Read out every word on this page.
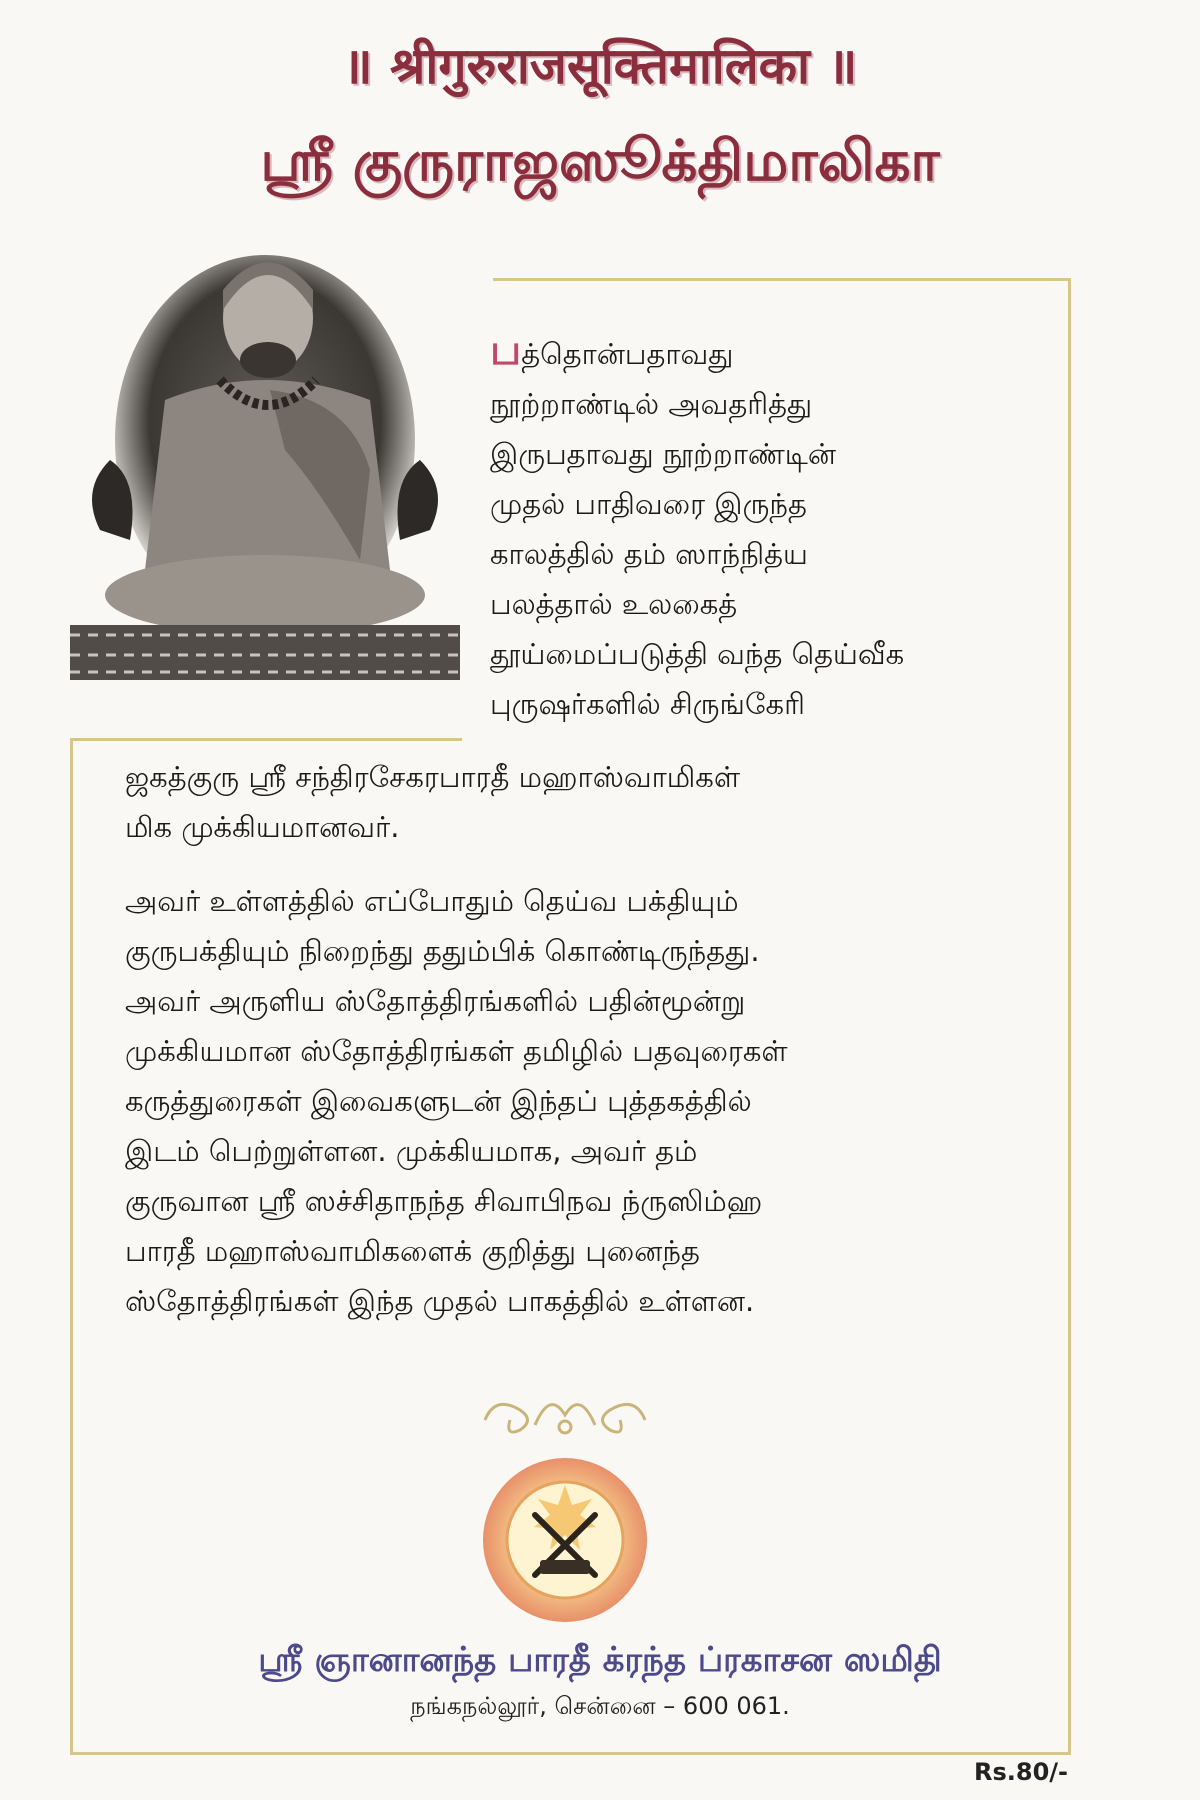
॥ श्रीगुरुराजसूक्तिमालिका ॥
ஸ்ரீ குருராஜஸூக்திமாலிகா

பத்தொன்பதாவது
நூற்றாண்டில் அவதரித்து
இருபதாவது நூற்றாண்டின்
முதல் பாதிவரை இருந்த
காலத்தில் தம் ஸாந்நித்ய
பலத்தால் உலகைத்
தூய்மைப்படுத்தி வந்த தெய்வீக
புருஷர்களில் சிருங்கேரி

ஜகத்குரு ஸ்ரீ சந்திரசேகரபாரதீ மஹாஸ்வாமிகள்
மிக முக்கியமானவர்.

அவர் உள்ளத்தில் எப்போதும் தெய்வ பக்தியும்
குருபக்தியும் நிறைந்து ததும்பிக் கொண்டிருந்தது.
அவர் அருளிய ஸ்தோத்திரங்களில் பதின்மூன்று
முக்கியமான ஸ்தோத்திரங்கள் தமிழில் பதவுரைகள்
கருத்துரைகள் இவைகளுடன் இந்தப் புத்தகத்தில்
இடம் பெற்றுள்ளன. முக்கியமாக, அவர் தம்
குருவான ஸ்ரீ ஸச்சிதாநந்த சிவாபிநவ ந்ருஸிம்ஹ
பாரதீ மஹாஸ்வாமிகளைக் குறித்து புனைந்த
ஸ்தோத்திரங்கள் இந்த முதல் பாகத்தில் உள்ளன.

ஸ்ரீ ஞானானந்த பாரதீ க்ரந்த ப்ரகாசன ஸமிதி
நங்கநல்லூர், சென்னை – 600 061.
Rs.80/-
